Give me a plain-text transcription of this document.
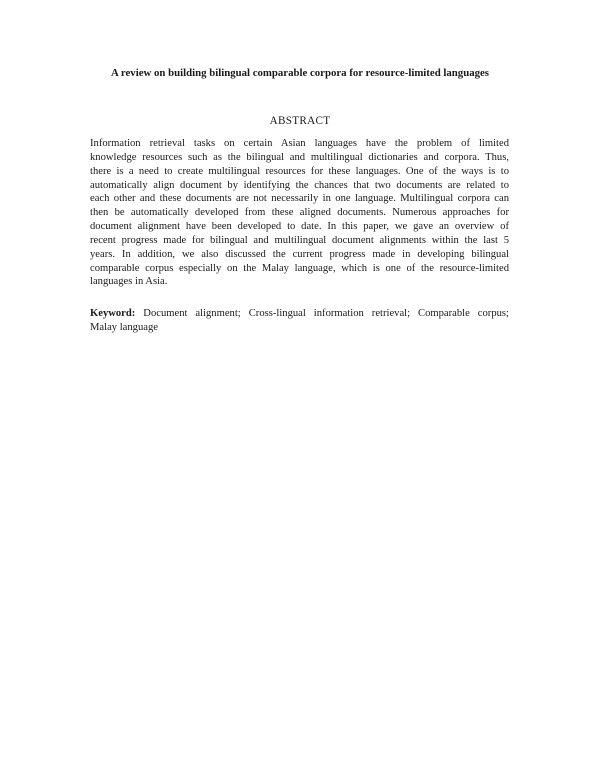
A review on building bilingual comparable corpora for resource-limited languages
ABSTRACT
Information retrieval tasks on certain Asian languages have the problem of limited
knowledge resources such as the bilingual and multilingual dictionaries and corpora. Thus,
there is a need to create multilingual resources for these languages. One of the ways is to
automatically align document by identifying the chances that two documents are related to
each other and these documents are not necessarily in one language. Multilingual corpora can
then be automatically developed from these aligned documents. Numerous approaches for
document alignment have been developed to date. In this paper, we gave an overview of
recent progress made for bilingual and multilingual document alignments within the last 5
years. In addition, we also discussed the current progress made in developing bilingual
comparable corpus especially on the Malay language, which is one of the resource-limited
languages in Asia.
Keyword: Document alignment; Cross-lingual information retrieval; Comparable corpus;
Malay language
